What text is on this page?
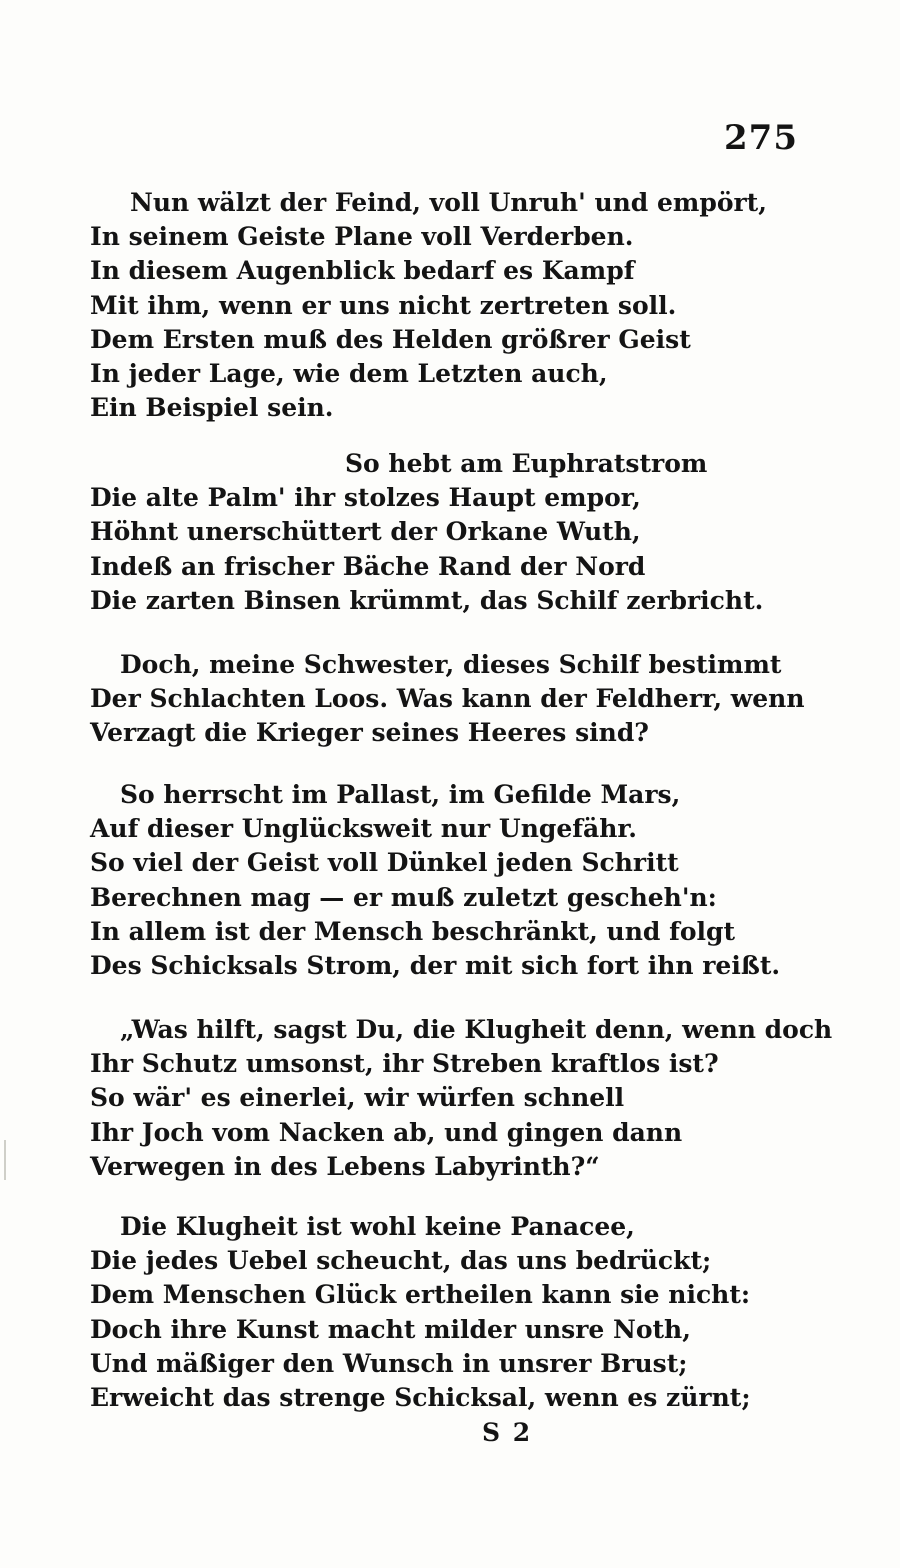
275
Nun wälzt der Feind, voll Unruh' und empört,
In seinem Geiste Plane voll Verderben.
In diesem Augenblick bedarf es Kampf
Mit ihm, wenn er uns nicht zertreten soll.
Dem Ersten muß des Helden größrer Geist
In jeder Lage, wie dem Letzten auch,
Ein Beispiel sein.
So hebt am Euphratstrom
Die alte Palm' ihr stolzes Haupt empor,
Höhnt unerschüttert der Orkane Wuth,
Indeß an frischer Bäche Rand der Nord
Die zarten Binsen krümmt, das Schilf zerbricht.
Doch, meine Schwester, dieses Schilf bestimmt
Der Schlachten Loos. Was kann der Feldherr, wenn
Verzagt die Krieger seines Heeres sind?
So herrscht im Pallast, im Gefilde Mars,
Auf dieser Unglücksweit nur Ungefähr.
So viel der Geist voll Dünkel jeden Schritt
Berechnen mag — er muß zuletzt gescheh'n:
In allem ist der Mensch beschränkt, und folgt
Des Schicksals Strom, der mit sich fort ihn reißt.
„Was hilft, sagst Du, die Klugheit denn, wenn doch
Ihr Schutz umsonst, ihr Streben kraftlos ist?
So wär' es einerlei, wir würfen schnell
Ihr Joch vom Nacken ab, und gingen dann
Verwegen in des Lebens Labyrinth?“
Die Klugheit ist wohl keine Panacee,
Die jedes Uebel scheucht, das uns bedrückt;
Dem Menschen Glück ertheilen kann sie nicht:
Doch ihre Kunst macht milder unsre Noth,
Und mäßiger den Wunsch in unsrer Brust;
Erweicht das strenge Schicksal, wenn es zürnt;
S 2
